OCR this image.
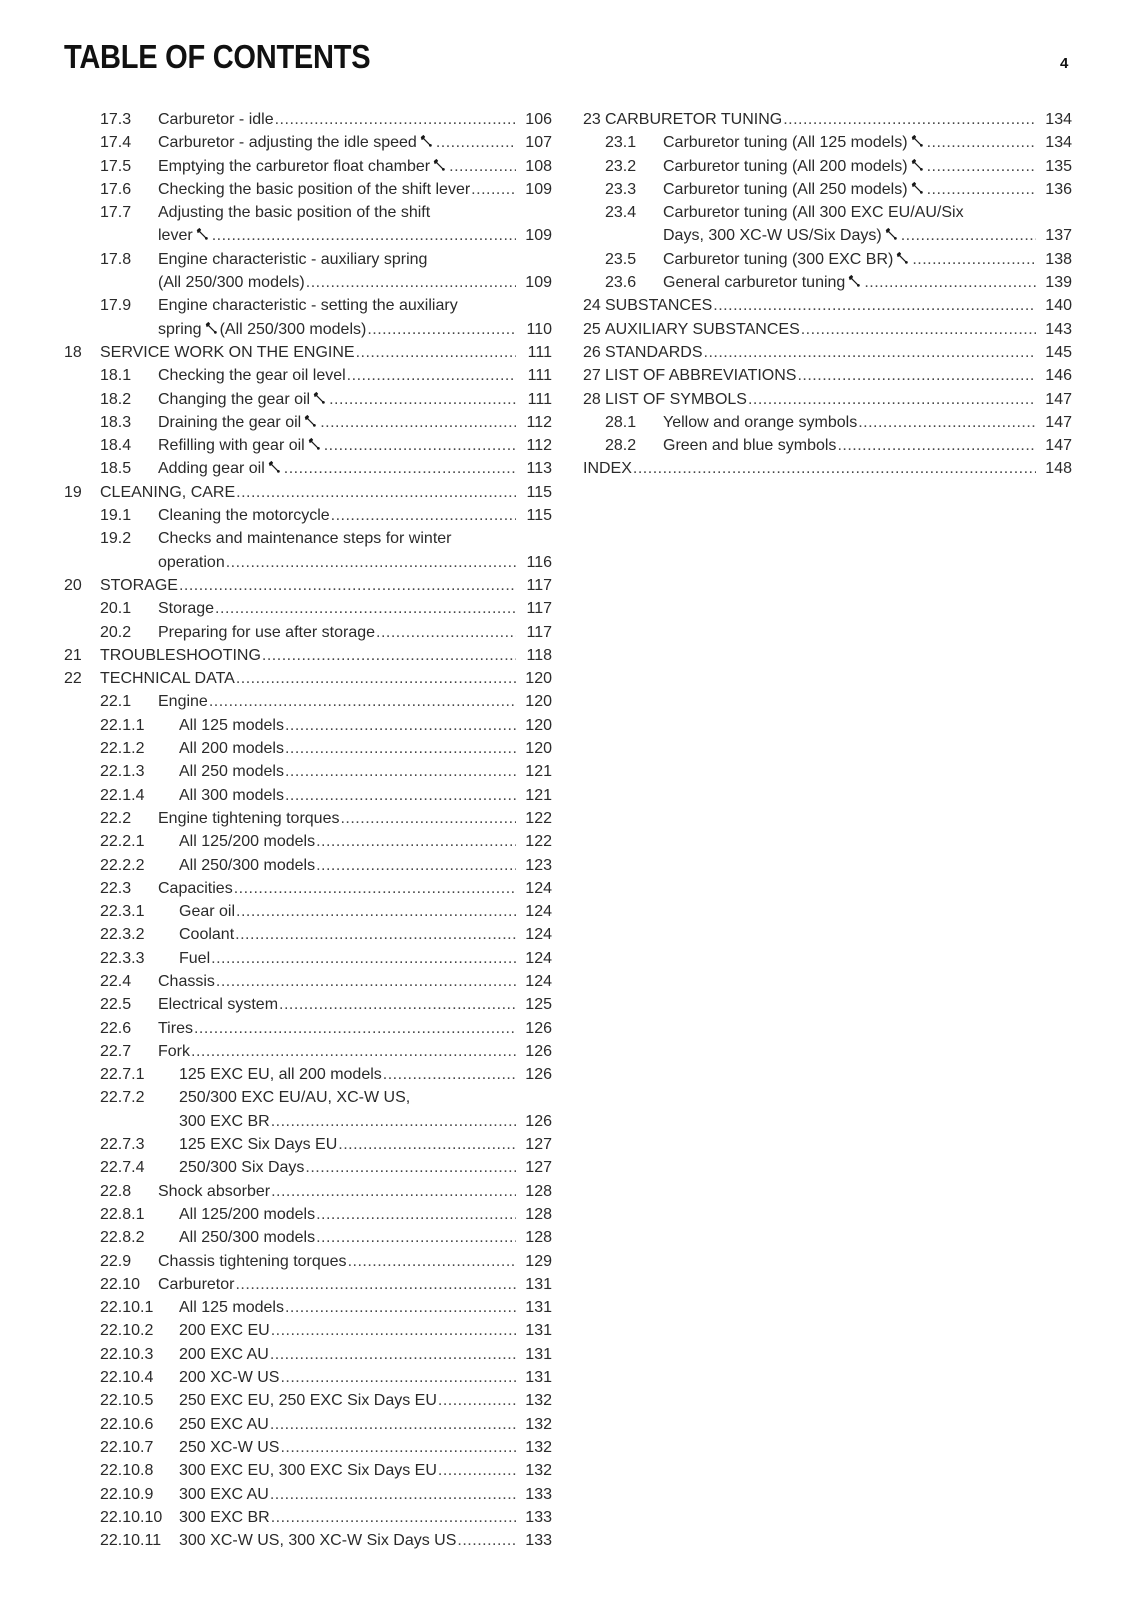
TABLE OF CONTENTS	4
17.3 Carburetor - idle .....	106
17.4 Carburetor - adjusting the idle speed .....	107
17.5 Emptying the carburetor float chamber .....	108
17.6 Checking the basic position of the shift lever .....	109
17.7 Adjusting the basic position of the shift
lever .....	109
17.8 Engine characteristic - auxiliary spring
(All 250/300 models) .....	109
17.9 Engine characteristic - setting the auxiliary
spring (All 250/300 models) .....	110
18 SERVICE WORK ON THE ENGINE .....	111
18.1 Checking the gear oil level .....	111
18.2 Changing the gear oil .....	111
18.3 Draining the gear oil .....	112
18.4 Refilling with gear oil .....	112
18.5 Adding gear oil .....	113
19 CLEANING, CARE .....	115
19.1 Cleaning the motorcycle .....	115
19.2 Checks and maintenance steps for winter
operation .....	116
20 STORAGE .....	117
20.1 Storage .....	117
20.2 Preparing for use after storage .....	117
21 TROUBLESHOOTING .....	118
22 TECHNICAL DATA .....	120
22.1 Engine .....	120
22.1.1 All 125 models .....	120
22.1.2 All 200 models .....	120
22.1.3 All 250 models .....	121
22.1.4 All 300 models .....	121
22.2 Engine tightening torques .....	122
22.2.1 All 125/200 models .....	122
22.2.2 All 250/300 models .....	123
22.3 Capacities .....	124
22.3.1 Gear oil .....	124
22.3.2 Coolant .....	124
22.3.3 Fuel .....	124
22.4 Chassis .....	124
22.5 Electrical system .....	125
22.6 Tires .....	126
22.7 Fork .....	126
22.7.1 125 EXC EU, all 200 models .....	126
22.7.2 250/300 EXC EU/AU, XC-W US,
300 EXC BR .....	126
22.7.3 125 EXC Six Days EU .....	127
22.7.4 250/300 Six Days .....	127
22.8 Shock absorber .....	128
22.8.1 All 125/200 models .....	128
22.8.2 All 250/300 models .....	128
22.9 Chassis tightening torques .....	129
22.10 Carburetor .....	131
22.10.1 All 125 models .....	131
22.10.2 200 EXC EU .....	131
22.10.3 200 EXC AU .....	131
22.10.4 200 XC-W US .....	131
22.10.5 250 EXC EU, 250 EXC Six Days EU .....	132
22.10.6 250 EXC AU .....	132
22.10.7 250 XC-W US .....	132
22.10.8 300 EXC EU, 300 EXC Six Days EU .....	132
22.10.9 300 EXC AU .....	133
22.10.10 300 EXC BR .....	133
22.10.11 300 XC-W US, 300 XC-W Six Days US .....	133
23 CARBURETOR TUNING .....	134
23.1 Carburetor tuning (All 125 models) .....	134
23.2 Carburetor tuning (All 200 models) .....	135
23.3 Carburetor tuning (All 250 models) .....	136
23.4 Carburetor tuning (All 300 EXC EU/AU/Six
Days, 300 XC-W US/Six Days) .....	137
23.5 Carburetor tuning (300 EXC BR) .....	138
23.6 General carburetor tuning .....	139
24 SUBSTANCES .....	140
25 AUXILIARY SUBSTANCES .....	143
26 STANDARDS .....	145
27 LIST OF ABBREVIATIONS .....	146
28 LIST OF SYMBOLS .....	147
28.1 Yellow and orange symbols .....	147
28.2 Green and blue symbols .....	147
INDEX .....	148
